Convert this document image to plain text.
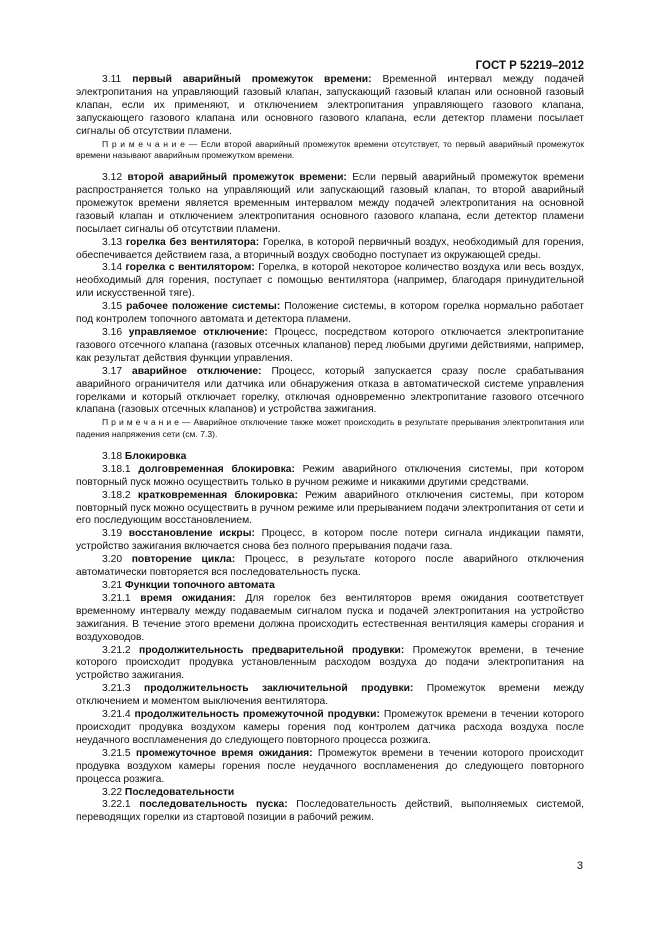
ГОСТ Р 52219–2012

3.11 первый аварийный промежуток времени: Временной интервал между подачей электропитания на управляющий газовый клапан, запускающий газовый клапан или основной газовый клапан, если их применяют, и отключением электропитания управляющего газового клапана, запускающего газового клапана или основного газового клапана, если детектор пламени посылает сигналы об отсутствии пламени.

П р и м е ч а н и е — Если второй аварийный промежуток времени отсутствует, то первый аварийный промежуток времени называют аварийным промежутком времени.

3.12 второй аварийный промежуток времени: Если первый аварийный промежуток времени распространяется только на управляющий или запускающий газовый клапан, то второй аварийный промежуток времени является временным интервалом между подачей электропитания на основной газовый клапан и отключением электропитания основного газового клапана, если детектор пламени посылает сигналы об отсутствии пламени.

3.13 горелка без вентилятора: Горелка, в которой первичный воздух, необходимый для горения, обеспечивается действием газа, а вторичный воздух свободно поступает из окружающей среды.

3.14 горелка с вентилятором: Горелка, в которой некоторое количество воздуха или весь воздух, необходимый для горения, поступает с помощью вентилятора (например, благодаря принудительной или искусственной тяге).

3.15 рабочее положение системы: Положение системы, в котором горелка нормально работает под контролем топочного автомата и детектора пламени.

3.16 управляемое отключение: Процесс, посредством которого отключается электропитание газового отсечного клапана (газовых отсечных клапанов) перед любыми другими действиями, например, как результат действия функции управления.

3.17 аварийное отключение: Процесс, который запускается сразу после срабатывания аварийного ограничителя или датчика или обнаружения отказа в автоматической системе управления горелками и который отключает горелку, отключая одновременно электропитание газового отсечного клапана (газовых отсечных клапанов) и устройства зажигания.

П р и м е ч а н и е — Аварийное отключение также может происходить в результате прерывания электропитания или падения напряжения сети (см. 7.3).

3.18 Блокировка

3.18.1 долговременная блокировка: Режим аварийного отключения системы, при котором повторный пуск можно осуществить только в ручном режиме и никакими другими средствами.

3.18.2 кратковременная блокировка: Режим аварийного отключения системы, при котором повторный пуск можно осуществить в ручном режиме или прерыванием подачи электропитания от сети и его последующим восстановлением.

3.19 восстановление искры: Процесс, в котором после потери сигнала индикации памяти, устройство зажигания включается снова без полного прерывания подачи газа.

3.20 повторение цикла: Процесс, в результате которого после аварийного отключения автоматически повторяется вся последовательность пуска.

3.21 Функции топочного автомата

3.21.1 время ожидания: Для горелок без вентиляторов время ожидания соответствует временному интервалу между подаваемым сигналом пуска и подачей электропитания на устройство зажигания. В течение этого времени должна происходить естественная вентиляция камеры сгорания и воздуховодов.

3.21.2 продолжительность предварительной продувки: Промежуток времени, в течение которого происходит продувка установленным расходом воздуха до подачи электропитания на устройство зажигания.

3.21.3 продолжительность заключительной продувки: Промежуток времени между отключением и моментом выключения вентилятора.

3.21.4 продолжительность промежуточной продувки: Промежуток времени в течении которого происходит продувка воздухом камеры горения под контролем датчика расхода воздуха после неудачного воспламенения до следующего повторного процесса розжига.

3.21.5 промежуточное время ожидания: Промежуток времени в течении которого происходит продувка воздухом камеры горения после неудачного воспламенения до следующего повторного процесса розжига.

3.22 Последовательности

3.22.1 последовательность пуска: Последовательность действий, выполняемых системой, переводящих горелки из стартовой позиции в рабочий режим.

3
